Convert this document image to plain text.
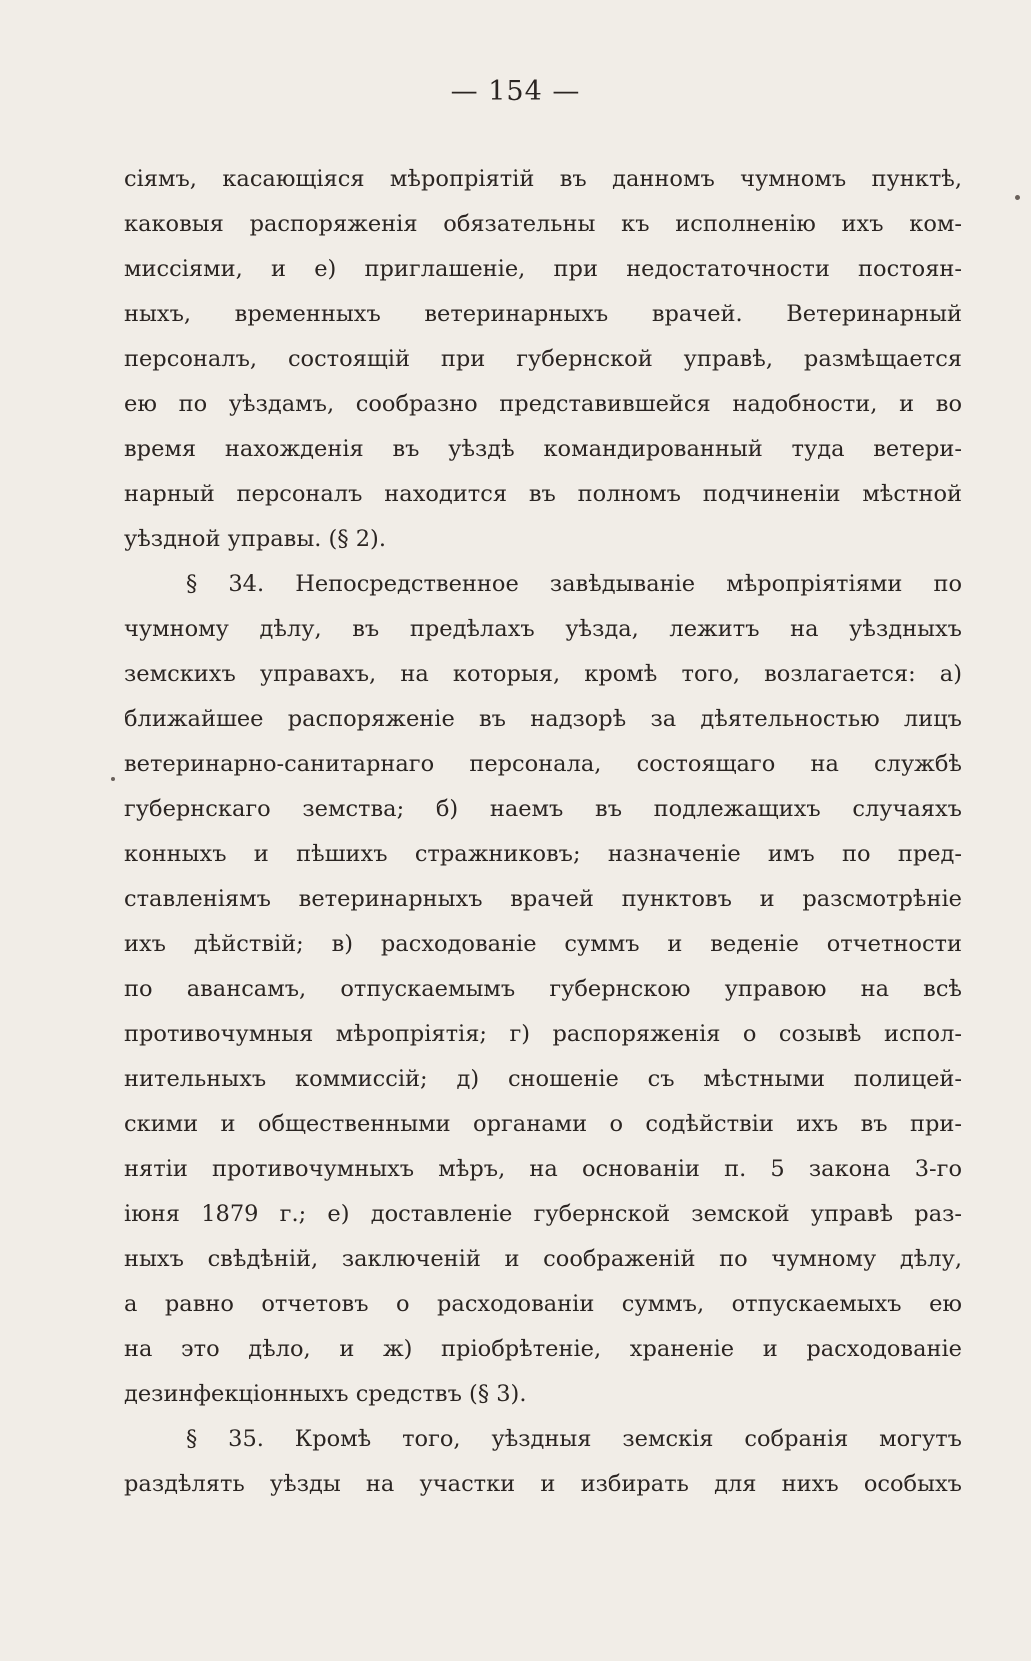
— 154 —
сіямъ, касающіяся мѣропріятій въ данномъ чумномъ пунктѣ,
каковыя распоряженія обязательны къ исполненію ихъ ком-
миссіями, и е) приглашеніе, при недостаточности постоян-
ныхъ, временныхъ ветеринарныхъ врачей. Ветеринарный
персоналъ, состоящій при губернской управѣ, размѣщается
ею по уѣздамъ, сообразно представившейся надобности, и во
время нахожденія въ уѣздѣ командированный туда ветери-
нарный персоналъ находится въ полномъ подчиненіи мѣстной
уѣздной управы. (§ 2).
§ 34. Непосредственное завѣдываніе мѣропріятіями по
чумному дѣлу, въ предѣлахъ уѣзда, лежитъ на уѣздныхъ
земскихъ управахъ, на которыя, кромѣ того, возлагается: а)
ближайшее распоряженіе въ надзорѣ за дѣятельностью лицъ
ветеринарно-санитарнаго персонала, состоящаго на службѣ
губернскаго земства; б) наемъ въ подлежащихъ случаяхъ
конныхъ и пѣшихъ стражниковъ; назначеніе имъ по пред-
ставленіямъ ветеринарныхъ врачей пунктовъ и разсмотрѣніе
ихъ дѣйствій; в) расходованіе суммъ и веденіе отчетности
по авансамъ, отпускаемымъ губернскою управою на всѣ
противочумныя мѣропріятія; г) распоряженія о созывѣ испол-
нительныхъ коммиссій; д) сношеніе съ мѣстными полицей-
скими и общественными органами о содѣйствіи ихъ въ при-
нятіи противочумныхъ мѣръ, на основаніи п. 5 закона 3-го
іюня 1879 г.; е) доставленіе губернской земской управѣ раз-
ныхъ свѣдѣній, заключеній и соображеній по чумному дѣлу,
а равно отчетовъ о расходованіи суммъ, отпускаемыхъ ею
на это дѣло, и ж) пріобрѣтеніе, храненіе и расходованіе
дезинфекціонныхъ средствъ (§ 3).
§ 35. Кромѣ того, уѣздныя земскія собранія могутъ
раздѣлять уѣзды на участки и избирать для нихъ особыхъ
